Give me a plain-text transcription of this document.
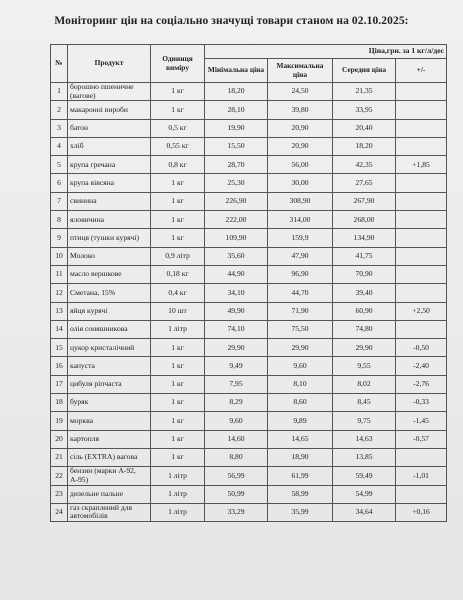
Моніторинг цін на соціально значущі товари станом на 02.10.2025:
№	Продукт	Одиниця виміру	Ціна,грн. за 1 кг/л/дес			
			Мінімальна ціна	Максимальна ціна	Середня ціна	+/-
1	борошно пшеничне (вагове)	1 кг	18,20	24,50	21,35	
2	макаронні вироби	1 кг	28,10	39,80	33,95	
3	батон	0,5 кг	19,90	20,90	20,40	
4	хліб	0,55 кг	15,50	20,90	18,20	
5	крупа гречана	0,8 кг	28,70	56,00	42,35	+1,85
6	крупа вівсяна	1 кг	25,30	30,00	27,65	
7	свинина	1 кг	226,90	308,90	267,90	
8	яловичина	1 кг	222,00	314,00	268,00	
9	птиця (тушки курячі)	1 кг	109,90	159,9	134,90	
10	Молоко	0,9 літр	35,60	47,90	41,75	
11	масло вершкове	0,18 кг	44,90	96,90	70,90	
12	Сметана, 15%	0,4 кг	34,10	44,70	39,40	
13	яйця курячі	10 шт	49,90	71,90	60,90	+2,50
14	олія соняшникова	1 літр	74,10	75,50	74,80	
15	цукор кристалічний	1 кг	29,90	29,90	29,90	-0,50
16	капуста	1 кг	9,49	9,60	9,55	-2,40
17	цибуля ріпчаста	1 кг	7,95	8,10	8,02	-2,76
18	буряк	1 кг	8,29	8,60	8,45	-0,33
19	морква	1 кг	9,60	9,89	9,75	-1,45
20	картопля	1 кг	14,60	14,65	14,63	-0,57
21	сіль (EXTRA) вагова	1 кг	8,80	18,90	13,85	
22	бензин (марки А-92, А-95)	1 літр	56,99	61,99	59,49	-1,01
23	дизельне пальне	1 літр	50,99	58,99	54,99	
24	газ скраплений для автомобілів	1 літр	33,29	35,99	34,64	+0,16
